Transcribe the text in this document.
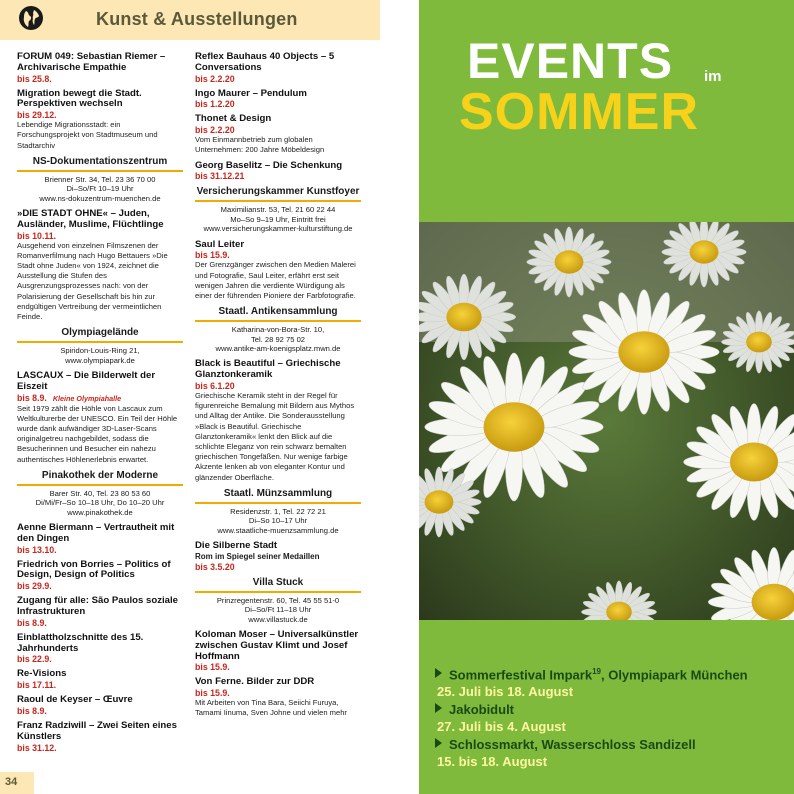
Kunst & Ausstellungen
FORUM 049: Sebastian Riemer – Archivarische Empathie
bis 25.8.
Migration bewegt die Stadt. Perspektiven wechseln
bis 29.12.
Lebendige Migrationsstadt: ein Forschungsprojekt von Stadtmuseum und Stadtarchiv
NS-Dokumentationszentrum
Brienner Str. 34, Tel. 23 36 70 00
Di–So/Ft 10–19 Uhr
www.ns-dokuzentrum-muenchen.de
»DIE STADT OHNE« – Juden, Ausländer, Muslime, Flüchtlinge
bis 10.11.
Ausgehend von einzelnen Filmszenen der Romanverfilmung nach Hugo Bettauers »Die Stadt ohne Juden« von 1924, zeichnet die Ausstellung die Stufen des Ausgrenzungsprozesses nach: von der Polarisierung der Gesellschaft bis hin zur endgültigen Vertreibung der vermeintlichen Feinde.
Olympiagelände
Spiridon-Louis-Ring 21,
www.olympiapark.de
LASCAUX – Die Bilderwelt der Eiszeit
bis 8.9. Kleine Olympiahalle
Seit 1979 zählt die Höhle von Lascaux zum Weltkulturerbe der UNESCO. Ein Teil der Höhle wurde dank aufwändiger 3D-Laser-Scans originalgetreu nachgebildet, sodass die Besucherinnen und Besucher ein nahezu authentisches Höhlenerlebnis erwartet.
Pinakothek der Moderne
Barer Str. 40, Tel. 23 80 53 60
Di/Mi/Fr–So 10–18 Uhr, Do 10–20 Uhr
www.pinakothek.de
Aenne Biermann – Vertrautheit mit den Dingen
bis 13.10.
Friedrich von Borries – Politics of Design, Design of Politics
bis 29.9.
Zugang für alle: São Paulos soziale Infrastrukturen
bis 8.9.
Einblattholzschnitte des 15. Jahrhunderts
bis 22.9.
Re-Visions
bis 17.11.
Raoul de Keyser – Œuvre
bis 8.9.
Franz Radziwill – Zwei Seiten eines Künstlers
bis 31.12.
Reflex Bauhaus 40 Objects – 5 Conversations
bis 2.2.20
Ingo Maurer – Pendulum
bis 1.2.20
Thonet & Design
bis 2.2.20
Vom Einmannbetrieb zum globalen Unternehmen: 200 Jahre Möbeldesign
Georg Baselitz – Die Schenkung
bis 31.12.21
Versicherungskammer Kunstfoyer
Maximilianstr. 53, Tel. 21 60 22 44
Mo–So 9–19 Uhr, Eintritt frei
www.versicherungskammer-kulturstiftung.de
Saul Leiter
bis 15.9.
Der Grenzgänger zwischen den Medien Malerei und Fotografie, Saul Leiter, erfährt erst seit wenigen Jahren die verdiente Würdigung als einer der führenden Pioniere der Farbfotografie.
Staatl. Antikensammlung
Katharina-von-Bora-Str. 10,
Tel. 28 92 75 02
www.antike-am-koenigsplatz.mwn.de
Black is Beautiful – Griechische Glanztonkeramik
bis 6.1.20
Griechische Keramik steht in der Regel für figurenreiche Bemalung mit Bildern aus Mythos und Alltag der Antike. Die Sonderausstellung »Black is Beautiful. Griechische Glanztonkeramik« lenkt den Blick auf die schlichte Eleganz von rein schwarz bemalten griechischen Tongefäßen. Nur wenige farbige Akzente lenken ab von eleganter Kontur und glänzender Oberfläche.
Staatl. Münzsammlung
Residenzstr. 1, Tel. 22 72 21
Di–So 10–17 Uhr
www.staatliche-muenzsammlung.de
Die Silberne Stadt
Rom im Spiegel seiner Medaillen
bis 3.5.20
Villa Stuck
Prinzregentenstr. 60, Tel. 45 55 51-0
Di–So/Ft 11–18 Uhr
www.villastuck.de
Koloman Moser – Universalkünstler zwischen Gustav Klimt und Josef Hoffmann
bis 15.9.
Von Ferne. Bilder zur DDR
bis 15.9.
Mit Arbeiten von Tina Bara, Seiichi Furuya, Tamami Iinuma, Sven Johne und vielen mehr
34
EVENTS im
SOMMER
Sommerfestival Impark$^{19}$, Olympiapark München
25. Juli bis 18. August
Jakobidult
27. Juli bis 4. August
Schlossmarkt, Wasserschloss Sandizell
15. bis 18. August
